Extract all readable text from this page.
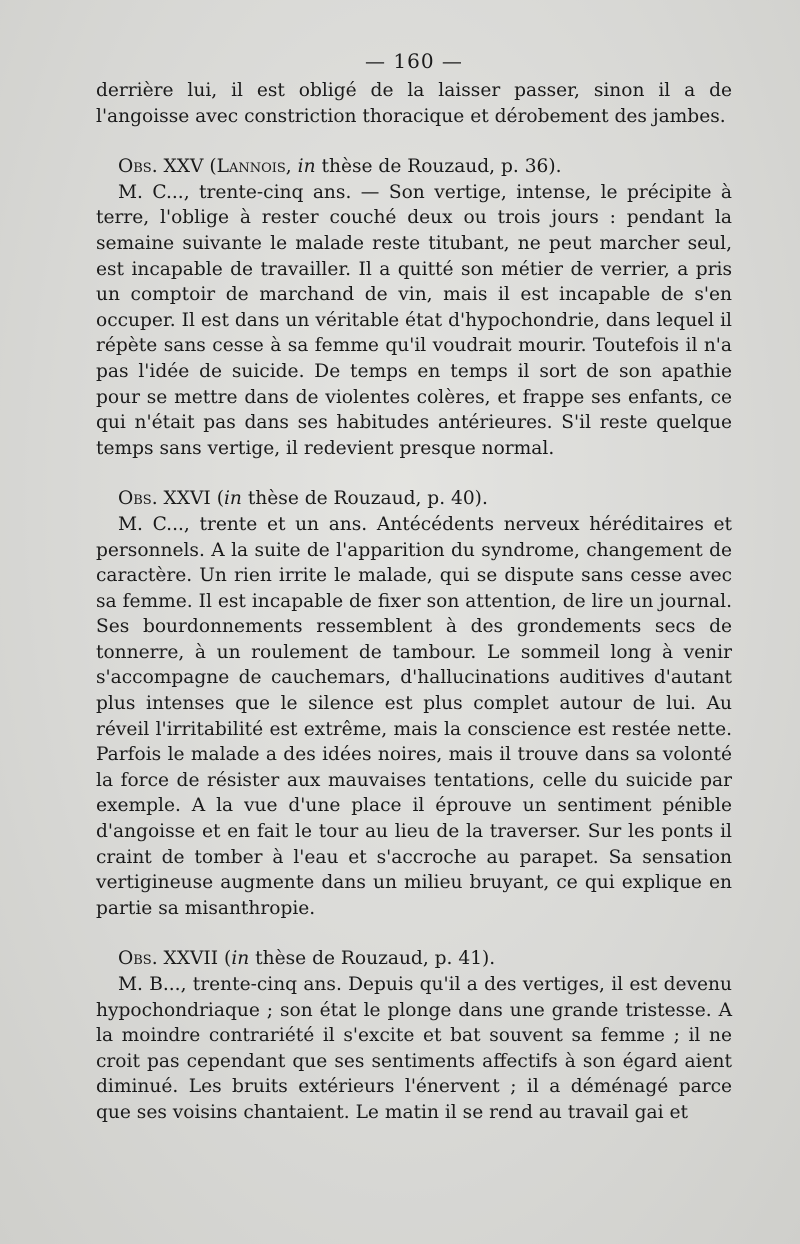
— 160 —

derrière lui, il est obligé de la laisser passer, sinon il a de l'angoisse avec constriction thoracique et dérobement des jambes.

Obs. XXV (Lannois, in thèse de Rouzaud, p. 36).

M. C..., trente-cinq ans. — Son vertige, intense, le précipite à terre, l'oblige à rester couché deux ou trois jours : pendant la semaine suivante le malade reste titubant, ne peut marcher seul, est incapable de travailler. Il a quitté son métier de verrier, a pris un comptoir de marchand de vin, mais il est incapable de s'en occuper. Il est dans un véritable état d'hypochondrie, dans lequel il répète sans cesse à sa femme qu'il voudrait mourir. Toutefois il n'a pas l'idée de suicide. De temps en temps il sort de son apathie pour se mettre dans de violentes colères, et frappe ses enfants, ce qui n'était pas dans ses habitudes antérieures. S'il reste quelque temps sans vertige, il redevient presque normal.

Obs. XXVI (in thèse de Rouzaud, p. 40).

M. C..., trente et un ans. Antécédents nerveux héréditaires et personnels. A la suite de l'apparition du syndrome, changement de caractère. Un rien irrite le malade, qui se dispute sans cesse avec sa femme. Il est incapable de fixer son attention, de lire un journal. Ses bourdonnements ressemblent à des grondements secs de tonnerre, à un roulement de tambour. Le sommeil long à venir s'accompagne de cauchemars, d'hallucinations auditives d'autant plus intenses que le silence est plus complet autour de lui. Au réveil l'irritabilité est extrême, mais la conscience est restée nette. Parfois le malade a des idées noires, mais il trouve dans sa volonté la force de résister aux mauvaises tentations, celle du suicide par exemple. A la vue d'une place il éprouve un sentiment pénible d'angoisse et en fait le tour au lieu de la traverser. Sur les ponts il craint de tomber à l'eau et s'accroche au parapet. Sa sensation vertigineuse augmente dans un milieu bruyant, ce qui explique en partie sa misanthropie.

Obs. XXVII (in thèse de Rouzaud, p. 41).

M. B..., trente-cinq ans. Depuis qu'il a des vertiges, il est devenu hypochondriaque ; son état le plonge dans une grande tristesse. A la moindre contrariété il s'excite et bat souvent sa femme ; il ne croit pas cependant que ses sentiments affectifs à son égard aient diminué. Les bruits extérieurs l'énervent ; il a déménagé parce que ses voisins chantaient. Le matin il se rend au travail gai et
